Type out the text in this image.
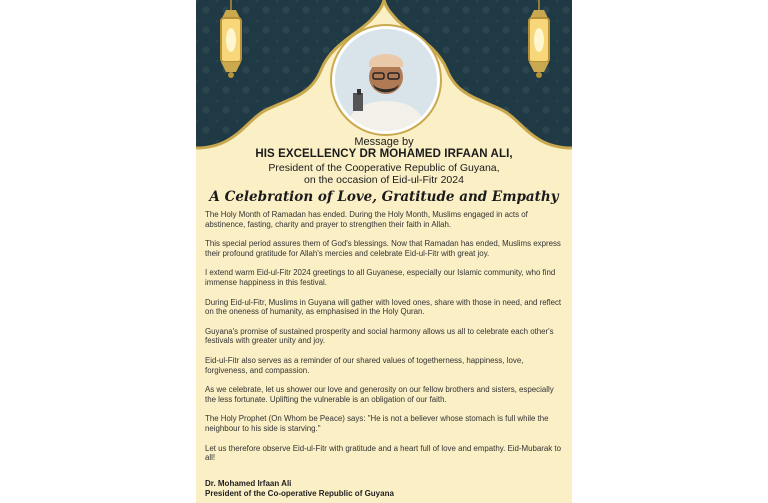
Message by
HIS EXCELLENCY DR MOHAMED IRFAAN ALI,
President of the Cooperative Republic of Guyana,
on the occasion of Eid-ul-Fitr 2024
A Celebration of Love, Gratitude and Empathy

The Holy Month of Ramadan has ended. During the Holy Month, Muslims engaged in acts of abstinence, fasting, charity and prayer to strengthen their faith in Allah.

This special period assures them of God's blessings. Now that Ramadan has ended, Muslims express their profound gratitude for Allah's mercies and celebrate Eid-ul-Fitr with great joy.

I extend warm Eid-ul-Fitr 2024 greetings to all Guyanese, especially our Islamic community, who find immense happiness in this festival.

During Eid-ul-Fitr, Muslims in Guyana will gather with loved ones, share with those in need, and reflect on the oneness of humanity, as emphasised in the Holy Quran.

Guyana's promise of sustained prosperity and social harmony allows us all to celebrate each other's festivals with greater unity and joy.

Eid-ul-Fitr also serves as a reminder of our shared values of togetherness, happiness, love, forgiveness, and compassion.

As we celebrate, let us shower our love and generosity on our fellow brothers and sisters, especially the less fortunate. Uplifting the vulnerable is an obligation of our faith.

The Holy Prophet (On Whom be Peace) says: "He is not a believer whose stomach is full while the neighbour to his side is starving."

Let us therefore observe Eid-ul-Fitr with gratitude and a heart full of love and empathy. Eid-Mubarak to all!

Dr. Mohamed Irfaan Ali
President of the Co-operative Republic of Guyana
